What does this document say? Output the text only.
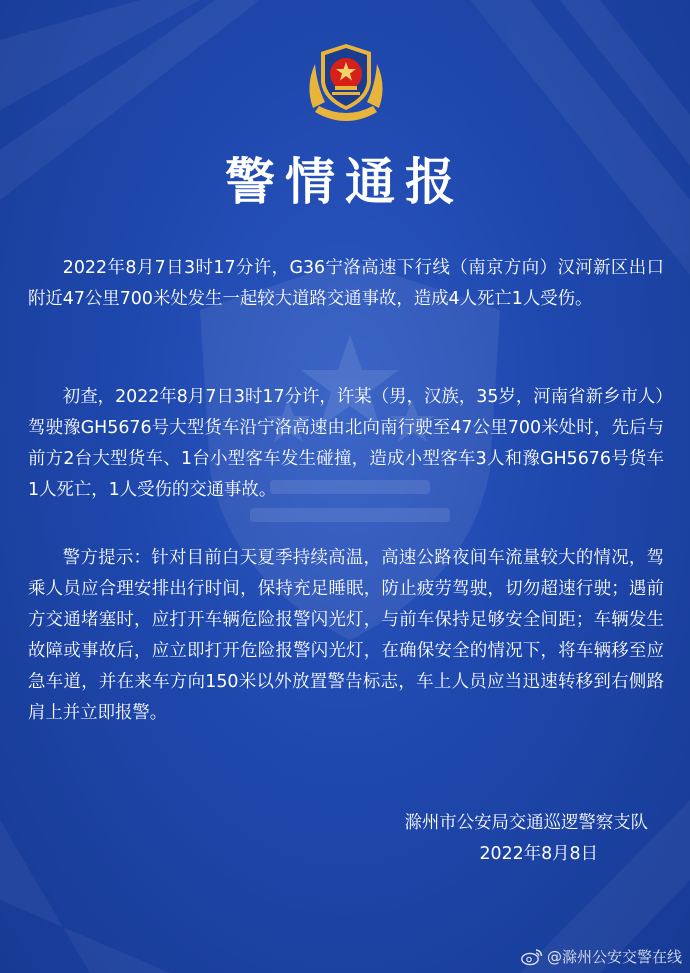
警情通报

2022年8月7日3时17分许，G36宁洛高速下行线（南京方向）汉河新区出口附近47公里700米处发生一起较大道路交通事故，造成4人死亡1人受伤。

初查，2022年8月7日3时17分许，许某（男，汉族，35岁，河南省新乡市人）驾驶豫GH5676号大型货车沿宁洛高速由北向南行驶至47公里700米处时，先后与前方2台大型货车、1台小型客车发生碰撞，造成小型客车3人和豫GH5676号货车1人死亡，1人受伤的交通事故。

警方提示：针对目前白天夏季持续高温，高速公路夜间车流量较大的情况，驾乘人员应合理安排出行时间，保持充足睡眠，防止疲劳驾驶，切勿超速行驶；遇前方交通堵塞时，应打开车辆危险报警闪光灯，与前车保持足够安全间距；车辆发生故障或事故后，应立即打开危险报警闪光灯，在确保安全的情况下，将车辆移至应急车道，并在来车方向150米以外放置警告标志，车上人员应当迅速转移到右侧路肩上并立即报警。

滁州市公安局交通巡逻警察支队
2022年8月8日
@滁州公安交警在线
